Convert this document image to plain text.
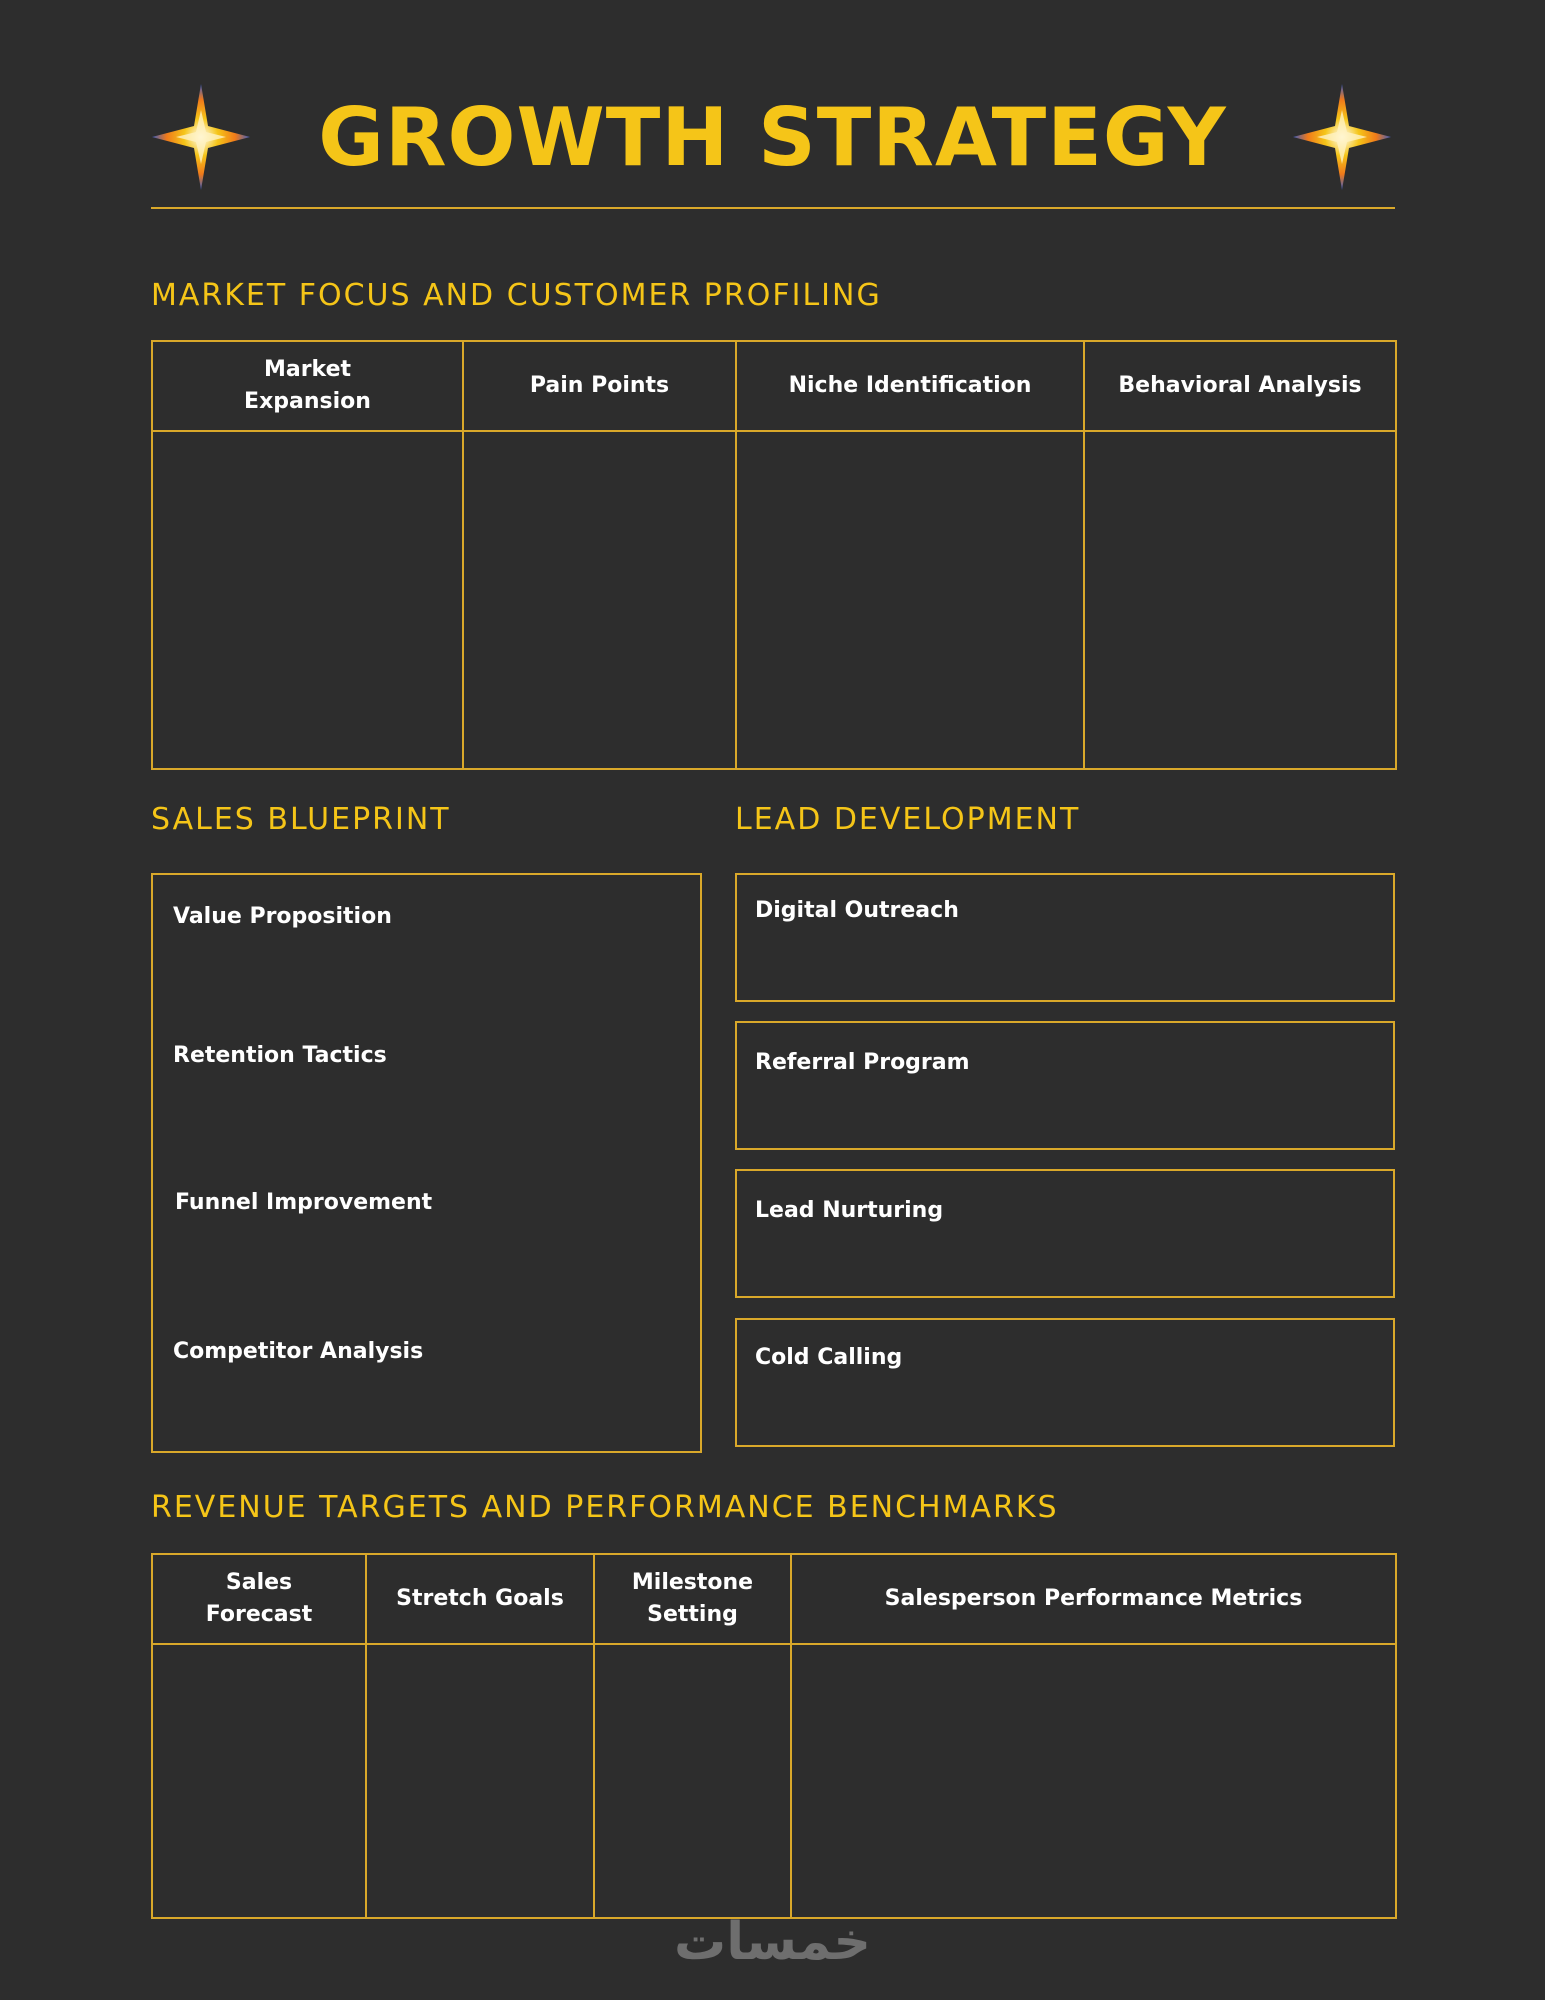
GROWTH STRATEGY
MARKET FOCUS AND CUSTOMER PROFILING
Market Expansion	Pain Points	Niche Identification	Behavioral Analysis

SALES BLUEPRINT
Value Proposition
Retention Tactics
Funnel Improvement
Competitor Analysis
LEAD DEVELOPMENT
Digital Outreach
Referral Program
Lead Nurturing
Cold Calling
REVENUE TARGETS AND PERFORMANCE BENCHMARKS
Sales Forecast	Stretch Goals	Milestone Setting	Salesperson Performance Metrics

خمسات
